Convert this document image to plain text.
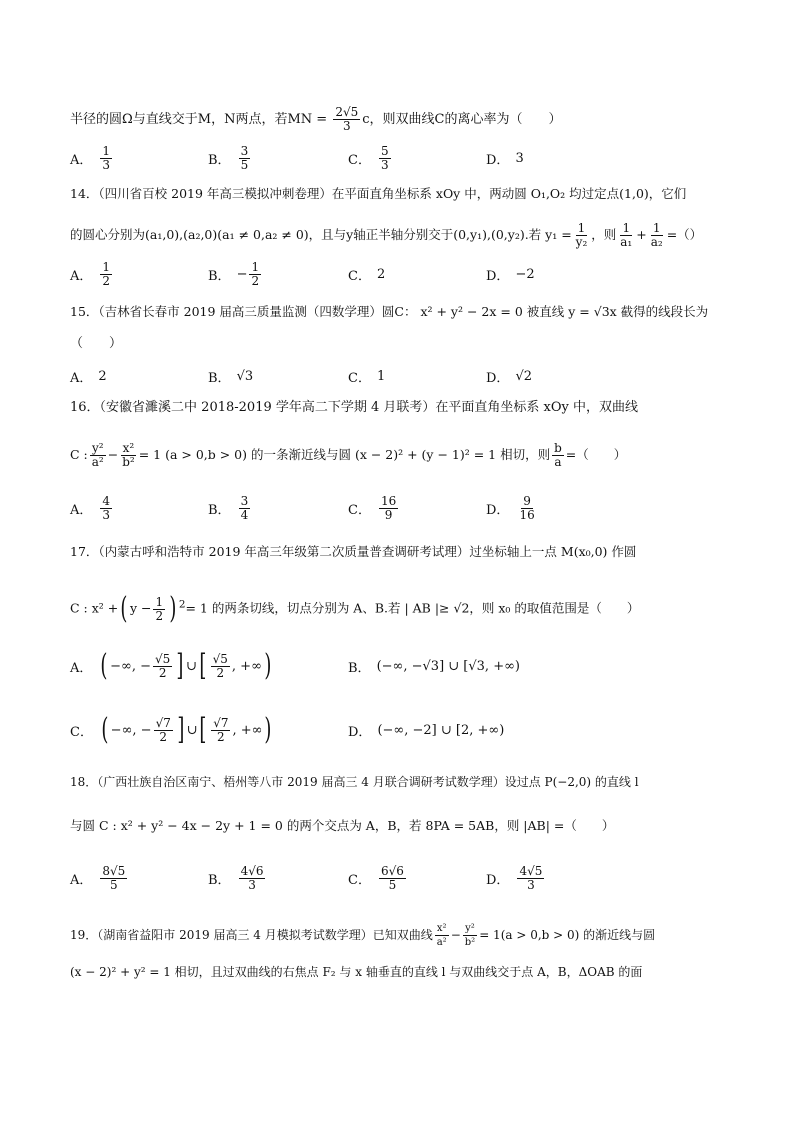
半径的圆Ω与直线交于M，N两点，若MN = $\frac{2√5}{3}$ c，则双曲线C的离心率为（　　）
A． $\frac{1}{3}$	B． $\frac{3}{5}$	C． $\frac{5}{3}$	D． 3
14．（四川省百校 2019 年高三模拟冲刺卷理）在平面直角坐标系 xOy 中，两动圆 O₁,O₂ 均过定点(1,0)，它们
的圆心分别为(a₁,0),(a₂,0)(a₁ ≠ 0,a₂ ≠ 0)，且与y轴正半轴分别交于(0,y₁),(0,y₂).若 $y_1 = \frac{1}{\text{y₂}}$ ，则 $\frac{1}{\text{a₁}} + \frac{1}{\text{a₂}}$ =（）
A． $\frac{1}{2}$	B． − $\frac{1}{2}$	C． 2	D． −2
15．（吉林省长春市 2019 届高三质量监测（四数学理）圆C： x² + y² − 2x = 0 被直线 y = √3x 截得的线段长为
（　　）
A． 2	B． √3	C． 1	D． √2
16．（安徽省濉溪二中 2018-2019 学年高二下学期 4 月联考）在平面直角坐标系 xOy 中，双曲线
C : $\frac{\text{y²}}{\text{a²}} - \frac{\text{x²}}{\text{b²}} = 1$ (a > 0,b > 0) 的一条渐近线与圆 (x − 2)² + (y − 1)² = 1 相切，则 $\frac{b}{a}$ =（　　）
A． $\frac{4}{3}$	B． $\frac{3}{4}$	C． $\frac{16}{9}$	D． $\frac{9}{16}$
17．（内蒙古呼和浩特市 2019 年高三年级第二次质量普查调研考试理）过坐标轴上一点 M(x₀,0) 作圆
C : x² +( $y - \frac{1}{2}$ ) $^2$= 1 的两条切线，切点分别为 A、B.若 | AB |≥ √2，则 x₀ 的取值范围是（　　）
A． ( −∞, − $\frac{√5}{2}$ ] ∪ [ $\frac{√5}{2}$ , +∞ )	B． (−∞, −√3] ∪ [√3, +∞)
C． ( −∞, − $\frac{√7}{2}$ ] ∪ [ $\frac{√7}{2}$ , +∞ )	D． (−∞, −2] ∪ [2, +∞)
18．（广西壮族自治区南宁、梧州等八市 2019 届高三 4 月联合调研考试数学理）设过点 P(−2,0) 的直线 l
与圆 C : x² + y² − 4x − 2y + 1 = 0 的两个交点为 A，B，若 8PA = 5AB，则 |AB| =（　　）
A． $\frac{8√5}{5}$	B． $\frac{4√6}{3}$	C． $\frac{6√6}{5}$	D． $\frac{4√5}{3}$
19．（湖南省益阳市 2019 届高三 4 月模拟考试数学理）已知双曲线 $\frac{\text{x²}}{\text{a²}} - \frac{\text{y²}}{\text{b²}} = 1(a > 0,b > 0)$ 的渐近线与圆
(x − 2)² + y² = 1 相切，且过双曲线的右焦点 F₂ 与 x 轴垂直的直线 l 与双曲线交于点 A，B，ΔOAB 的面
